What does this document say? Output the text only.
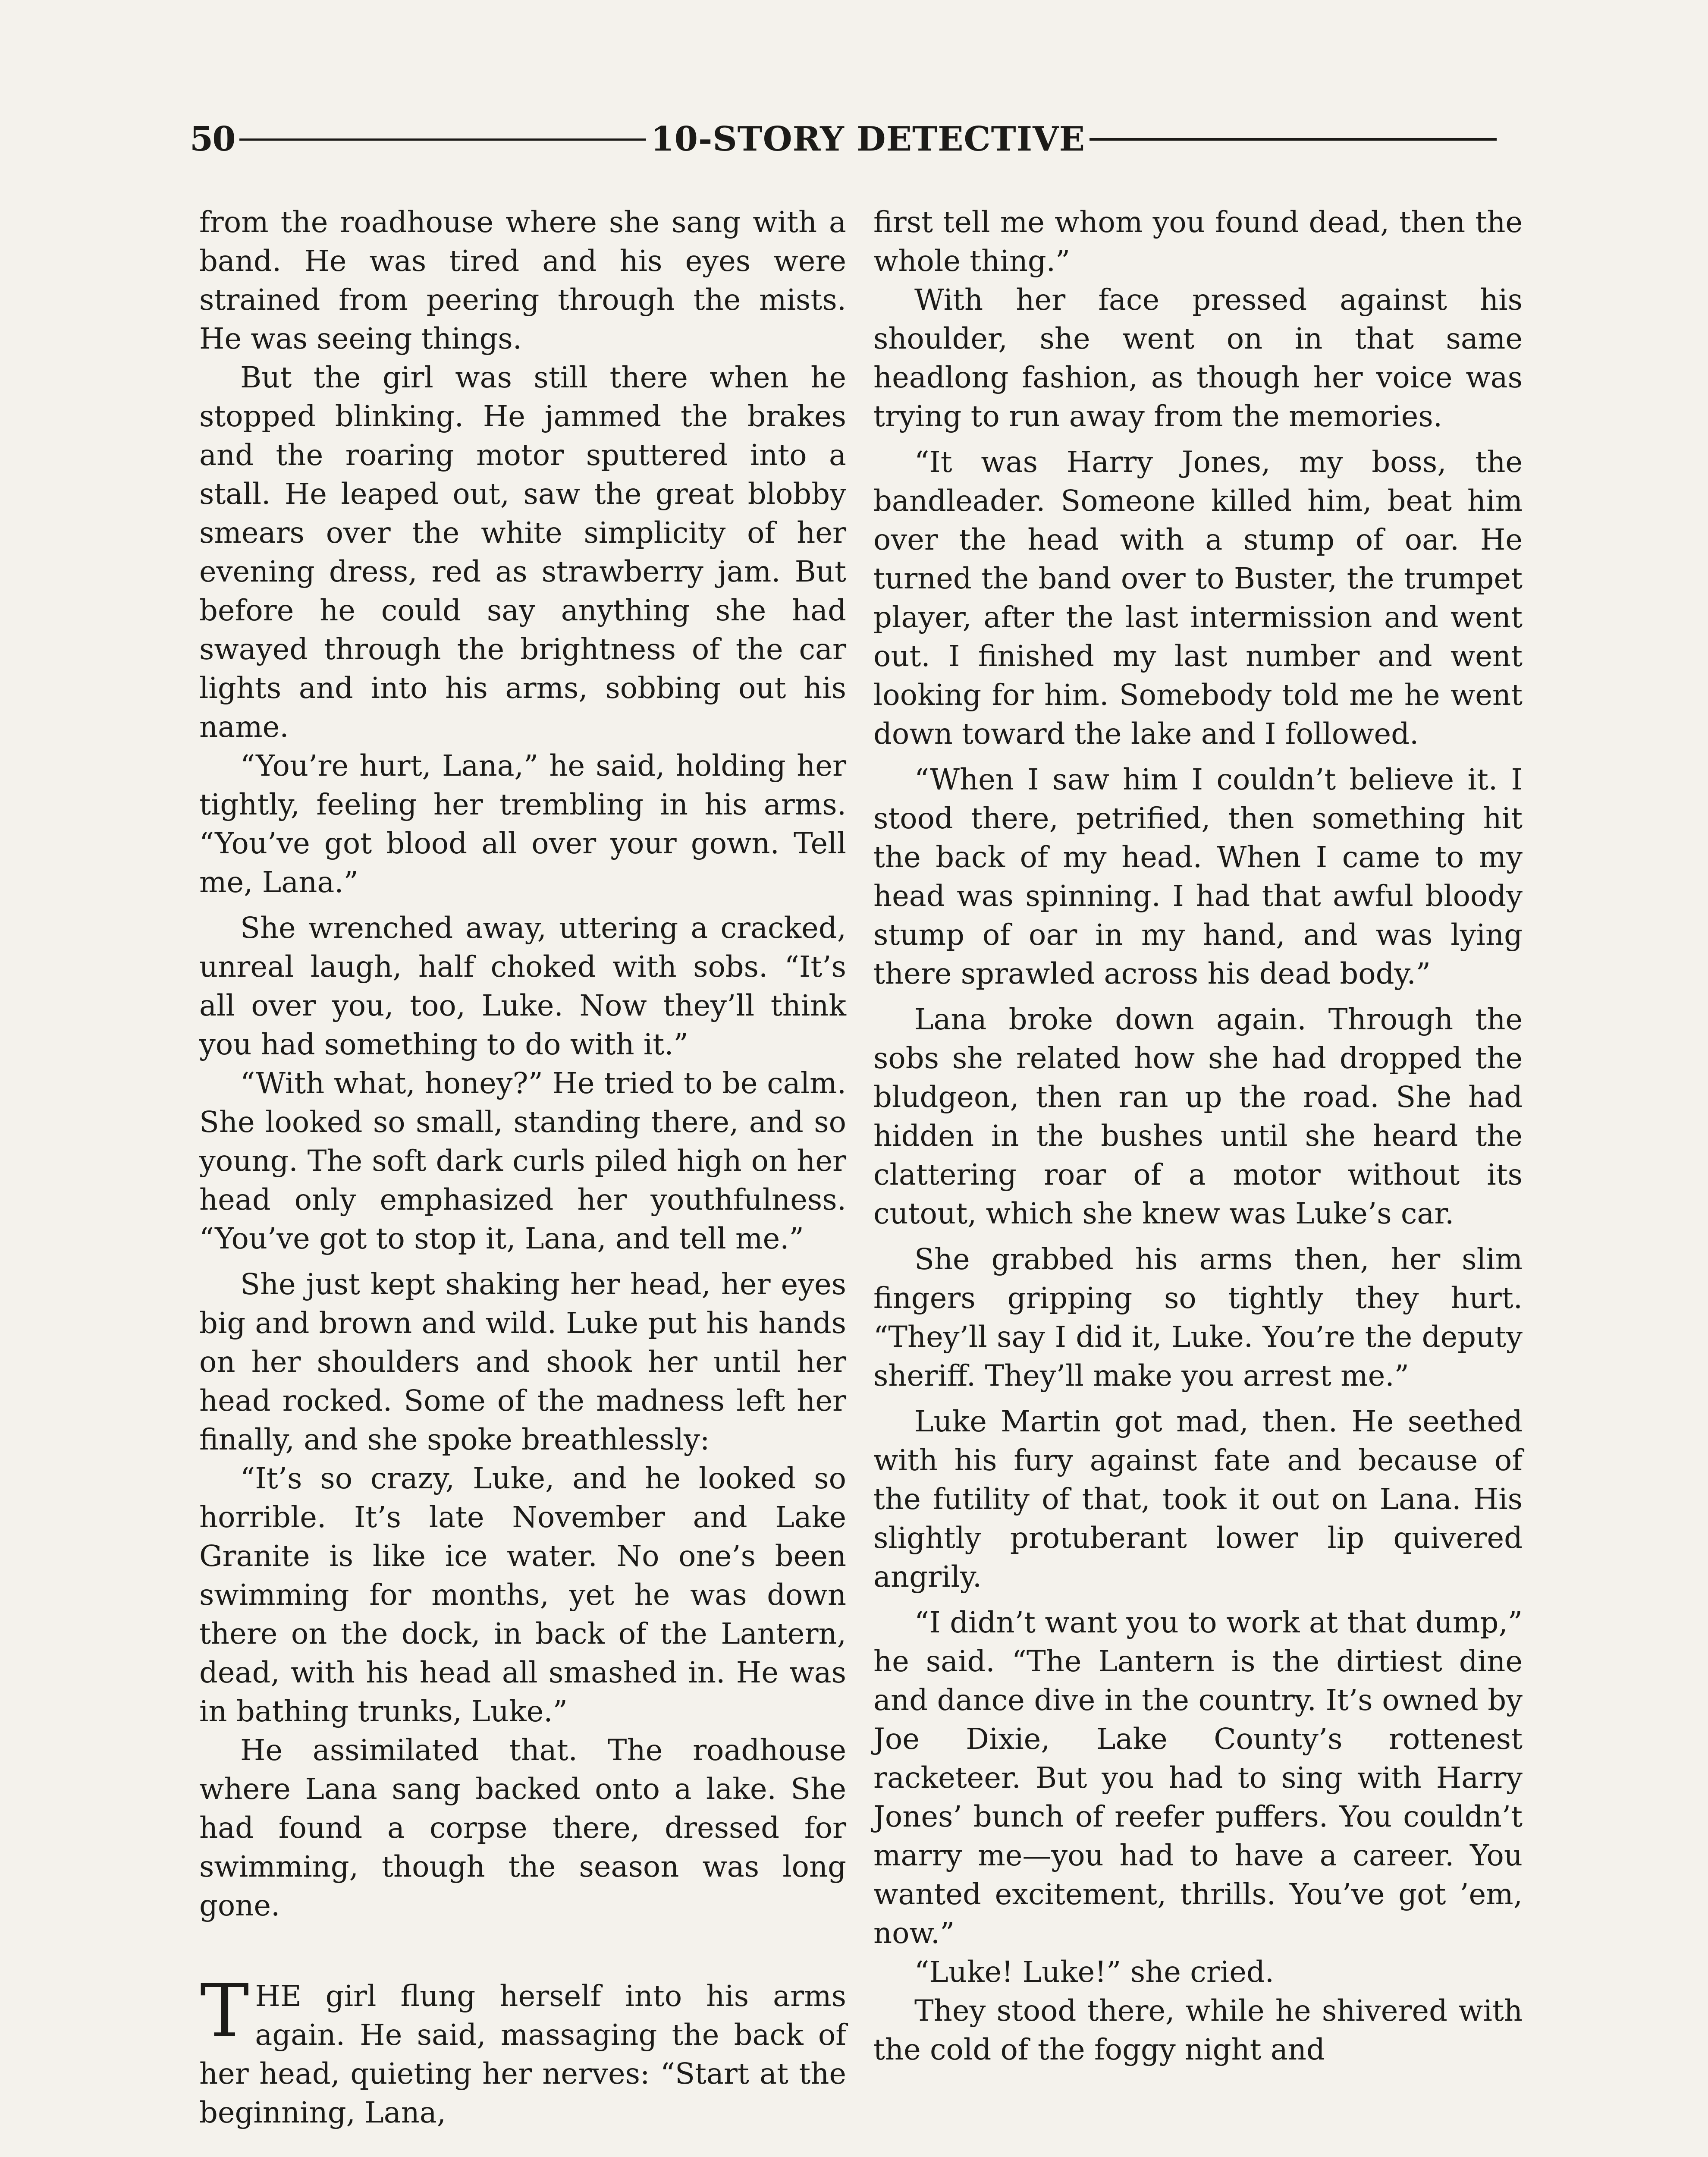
50	10-STORY DETECTIVE

from the roadhouse where she sang with a band. He was tired and his eyes were strained from peering through the mists. He was seeing things.

But the girl was still there when he stopped blinking. He jammed the brakes and the roaring motor sputtered into a stall. He leaped out, saw the great blobby smears over the white simplicity of her evening dress, red as strawberry jam. But before he could say anything she had swayed through the brightness of the car lights and into his arms, sobbing out his name.

“You’re hurt, Lana,” he said, holding her tightly, feeling her trembling in his arms. “You’ve got blood all over your gown. Tell me, Lana.”

She wrenched away, uttering a cracked, unreal laugh, half choked with sobs. “It’s all over you, too, Luke. Now they’ll think you had something to do with it.”

“With what, honey?” He tried to be calm. She looked so small, standing there, and so young. The soft dark curls piled high on her head only emphasized her youthfulness. “You’ve got to stop it, Lana, and tell me.”

She just kept shaking her head, her eyes big and brown and wild. Luke put his hands on her shoulders and shook her until her head rocked. Some of the madness left her finally, and she spoke breathlessly:

“It’s so crazy, Luke, and he looked so horrible. It’s late November and Lake Granite is like ice water. No one’s been swimming for months, yet he was down there on the dock, in back of the Lantern, dead, with his head all smashed in. He was in bathing trunks, Luke.”

He assimilated that. The roadhouse where Lana sang backed onto a lake. She had found a corpse there, dressed for swimming, though the season was long gone.

THE girl flung herself into his arms again. He said, massaging the back of her head, quieting her nerves: “Start at the beginning, Lana,

first tell me whom you found dead, then the whole thing.”

With her face pressed against his shoulder, she went on in that same headlong fashion, as though her voice was trying to run away from the memories.

“It was Harry Jones, my boss, the bandleader. Someone killed him, beat him over the head with a stump of oar. He turned the band over to Buster, the trumpet player, after the last intermission and went out. I finished my last number and went looking for him. Somebody told me he went down toward the lake and I followed.

“When I saw him I couldn’t believe it. I stood there, petrified, then something hit the back of my head. When I came to my head was spinning. I had that awful bloody stump of oar in my hand, and was lying there sprawled across his dead body.”

Lana broke down again. Through the sobs she related how she had dropped the bludgeon, then ran up the road. She had hidden in the bushes until she heard the clattering roar of a motor without its cutout, which she knew was Luke’s car.

She grabbed his arms then, her slim fingers gripping so tightly they hurt. “They’ll say I did it, Luke. You’re the deputy sheriff. They’ll make you arrest me.”

Luke Martin got mad, then. He seethed with his fury against fate and because of the futility of that, took it out on Lana. His slightly protuberant lower lip quivered angrily.

“I didn’t want you to work at that dump,” he said. “The Lantern is the dirtiest dine and dance dive in the country. It’s owned by Joe Dixie, Lake County’s rottenest racketeer. But you had to sing with Harry Jones’ bunch of reefer puffers. You couldn’t marry me—you had to have a career. You wanted excitement, thrills. You’ve got ’em, now.”

“Luke! Luke!” she cried.

They stood there, while he shivered with the cold of the foggy night and
